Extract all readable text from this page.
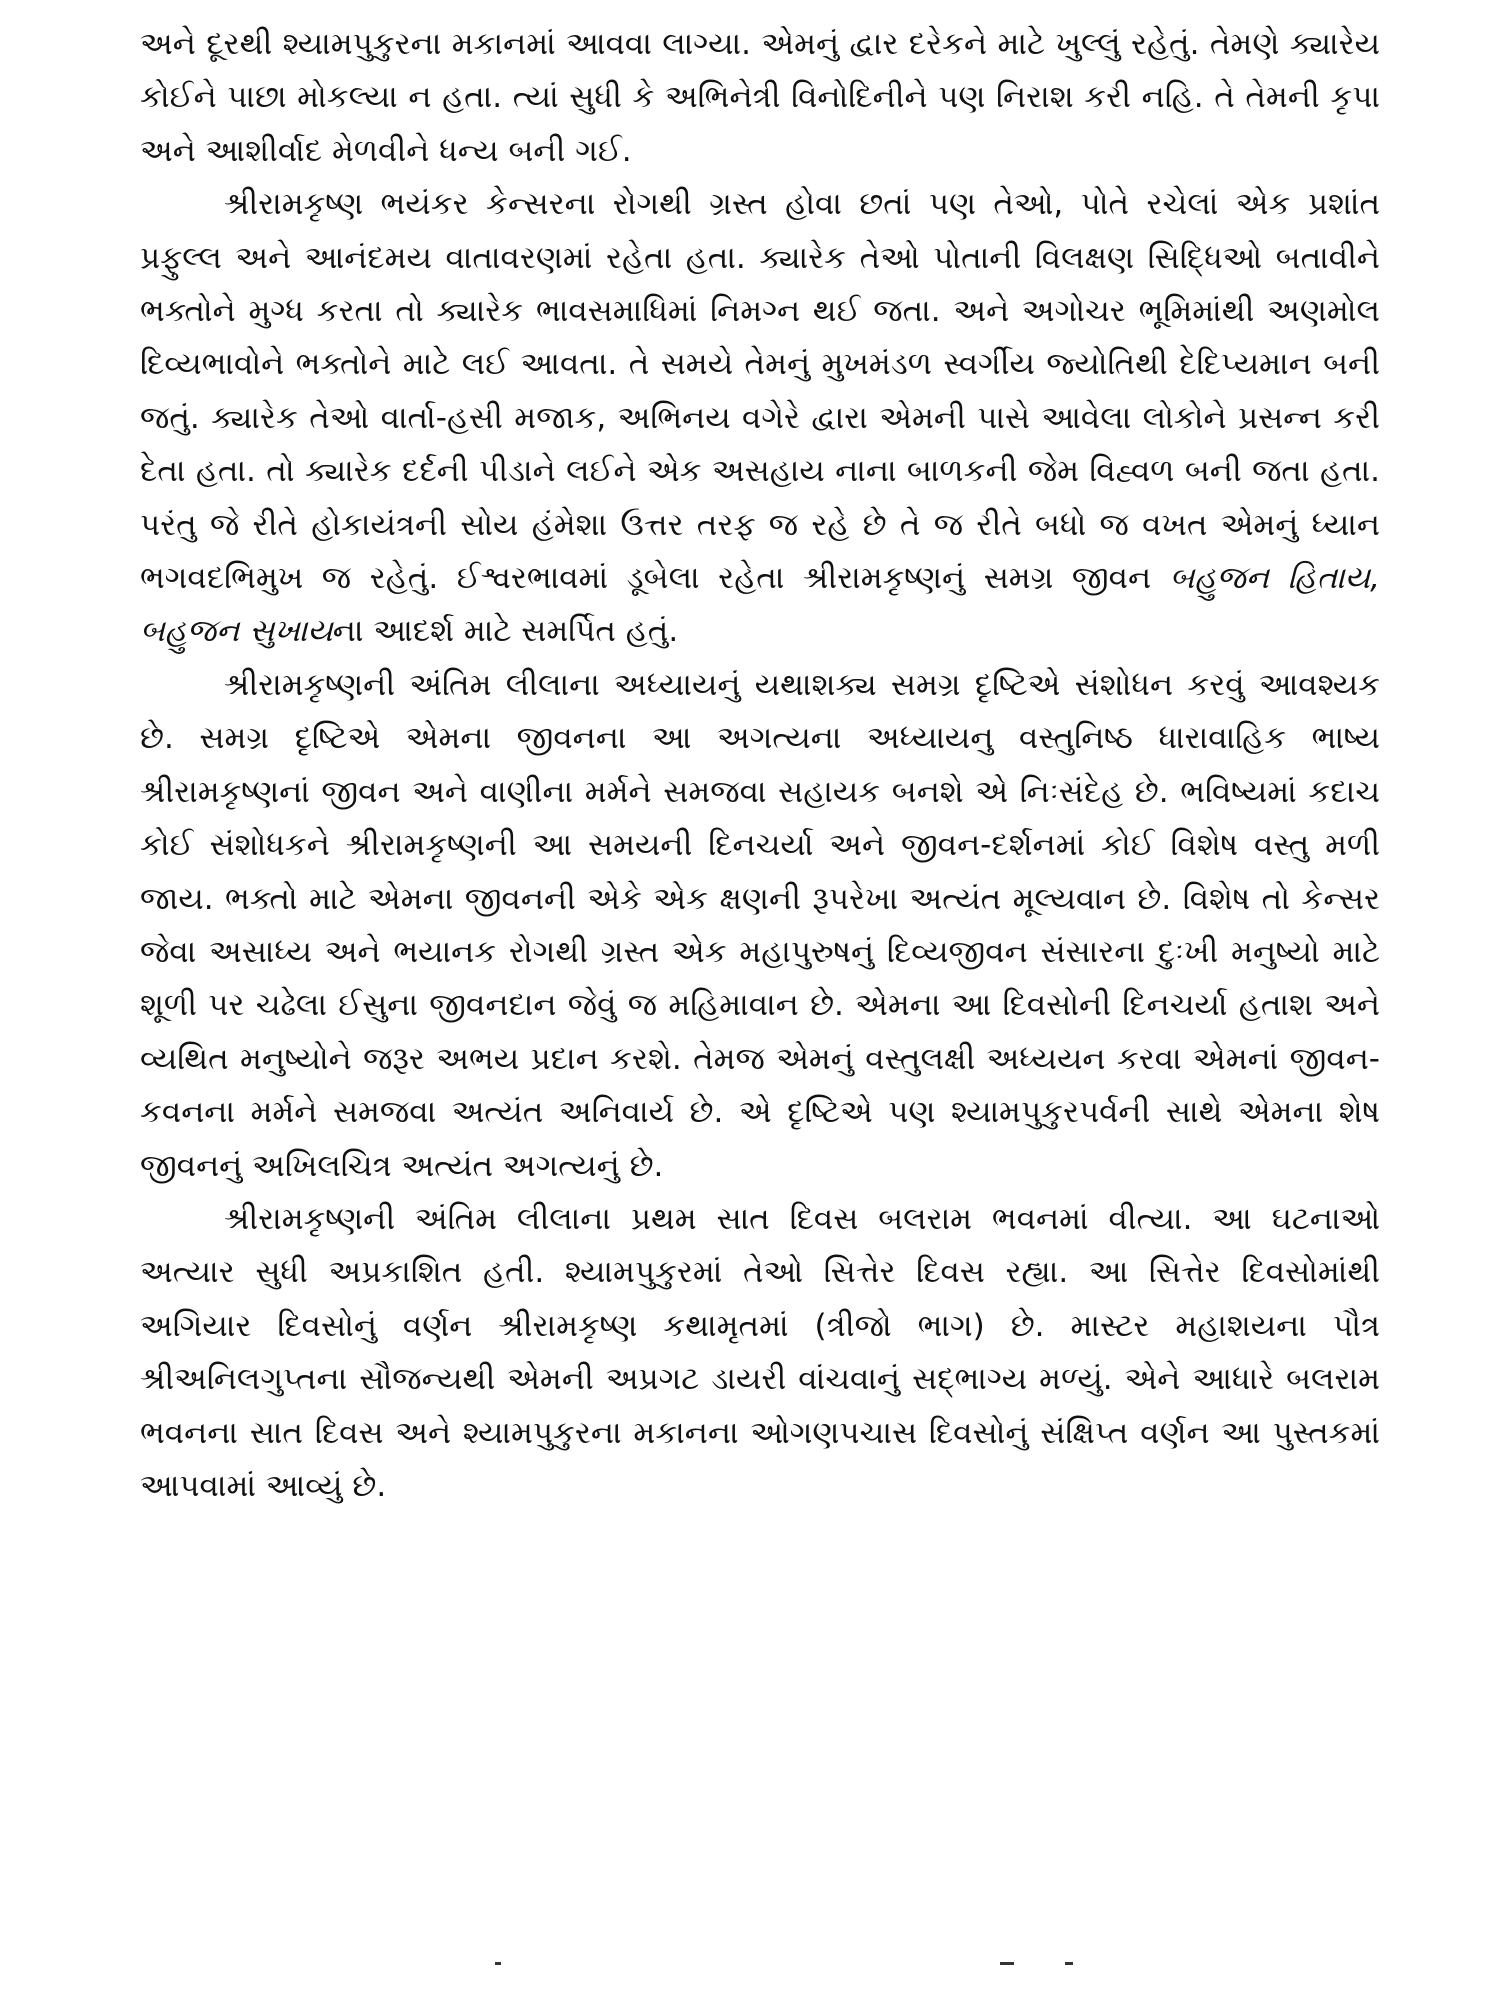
અને દૂરથી શ્યામપુકુરના મકાનમાં આવવા લાગ્યા. એમનું દ્વાર દરેકને માટે ખુલ્લું રહેતું. તેમણે ક્યારેય કોઈને પાછા મોકલ્યા ન હતા. ત્યાં સુધી કે અભિનેત્રી વિનોદિનીને પણ નિરાશ કરી નહિ. તે તેમની કૃપા અને આશીર્વાદ મેળવીને ધન્ય બની ગઈ.

શ્રીરામકૃષ્ણ ભયંકર કેન્સરના રોગથી ગ્રસ્ત હોવા છતાં પણ તેઓ, પોતે રચેલાં એક પ્રશાંત પ્રફુલ્લ અને આનંદમય વાતાવરણમાં રહેતા હતા. ક્યારેક તેઓ પોતાની વિલક્ષણ સિદ્ધિઓ બતાવીને ભક્તોને મુગ્ધ કરતા તો ક્યારેક ભાવસમાધિમાં નિમગ્ન થઈ જતા. અને અગોચર ભૂમિમાંથી અણમોલ દિવ્યભાવોને ભક્તોને માટે લઈ આવતા. તે સમયે તેમનું મુખમંડળ સ્વર્ગીય જ્યોતિથી દેદિપ્યમાન બની જતું. ક્યારેક તેઓ વાર્તા-હસી મજાક, અભિનય વગેરે દ્વારા એમની પાસે આવેલા લોકોને પ્રસન્ન કરી દેતા હતા. તો ક્યારેક દર્દની પીડાને લઈને એક અસહાય નાના બાળકની જેમ વિહ્વળ બની જતા હતા. પરંતુ જે રીતે હોકાયંત્રની સોય હંમેશા ઉત્તર તરફ જ રહે છે તે જ રીતે બધો જ વખત એમનું ધ્યાન ભગવદભિમુખ જ રહેતું. ઈશ્વરભાવમાં ડૂબેલા રહેતા શ્રીરામકૃષ્ણનું સમગ્ર જીવન બહુજન હિતાય, બહુજન સુખાયના આદર્શ માટે સમર્પિત હતું.

શ્રીરામકૃષ્ણની અંતિમ લીલાના અધ્યાયનું યથાશક્ય સમગ્ર દૃષ્ટિએ સંશોધન કરવું આવશ્યક છે. સમગ્ર દૃષ્ટિએ એમના જીવનના આ અગત્યના અધ્યાયનુ વસ્તુનિષ્ઠ ધારાવાહિક ભાષ્ય શ્રીરામકૃષ્ણનાં જીવન અને વાણીના મર્મને સમજવા સહાયક બનશે એ નિઃસંદેહ છે. ભવિષ્યમાં કદાચ કોઈ સંશોધકને શ્રીરામકૃષ્ણની આ સમયની દિનચર્યા અને જીવન-દર્શનમાં કોઈ વિશેષ વસ્તુ મળી જાય. ભક્તો માટે એમના જીવનની એકે એક ક્ષણની રૂપરેખા અત્યંત મૂલ્યવાન છે. વિશેષ તો કેન્સર જેવા અસાધ્ય અને ભયાનક રોગથી ગ્રસ્ત એક મહાપુરુષનું દિવ્યજીવન સંસારના દુઃખી મનુષ્યો માટે શૂળી પર ચઢેલા ઈસુના જીવનદાન જેવું જ મહિમાવાન છે. એમના આ દિવસોની દિનચર્યા હતાશ અને વ્યથિત મનુષ્યોને જરૂર અભય પ્રદાન કરશે. તેમજ એમનું વસ્તુલક્ષી અધ્યયન કરવા એમનાં જીવન-કવનના મર્મને સમજવા અત્યંત અનિવાર્ય છે. એ દૃષ્ટિએ પણ શ્યામપુકુરપર્વની સાથે એમના શેષ જીવનનું અખિલચિત્ર અત્યંત અગત્યનું છે.

શ્રીરામકૃષ્ણની અંતિમ લીલાના પ્રથમ સાત દિવસ બલરામ ભવનમાં વીત્યા. આ ઘટનાઓ અત્યાર સુધી અપ્રકાશિત હતી. શ્યામપુકુરમાં તેઓ સિત્તેર દિવસ રહ્યા. આ સિત્તેર દિવસોમાંથી અગિયાર દિવસોનું વર્ણન શ્રીરામકૃષ્ણ કથામૃતમાં (ત્રીજો ભાગ) છે. માસ્ટર મહાશયના પૌત્ર શ્રીઅનિલગુપ્તના સૌજન્યથી એમની અપ્રગટ ડાયરી વાંચવાનું સદ્ભાગ્ય મળ્યું. એને આધારે બલરામ ભવનના સાત દિવસ અને શ્યામપુકુરના મકાનના ઓગણપચાસ દિવસોનું સંક્ષિપ્ત વર્ણન આ પુસ્તકમાં આપવામાં આવ્યું છે.
